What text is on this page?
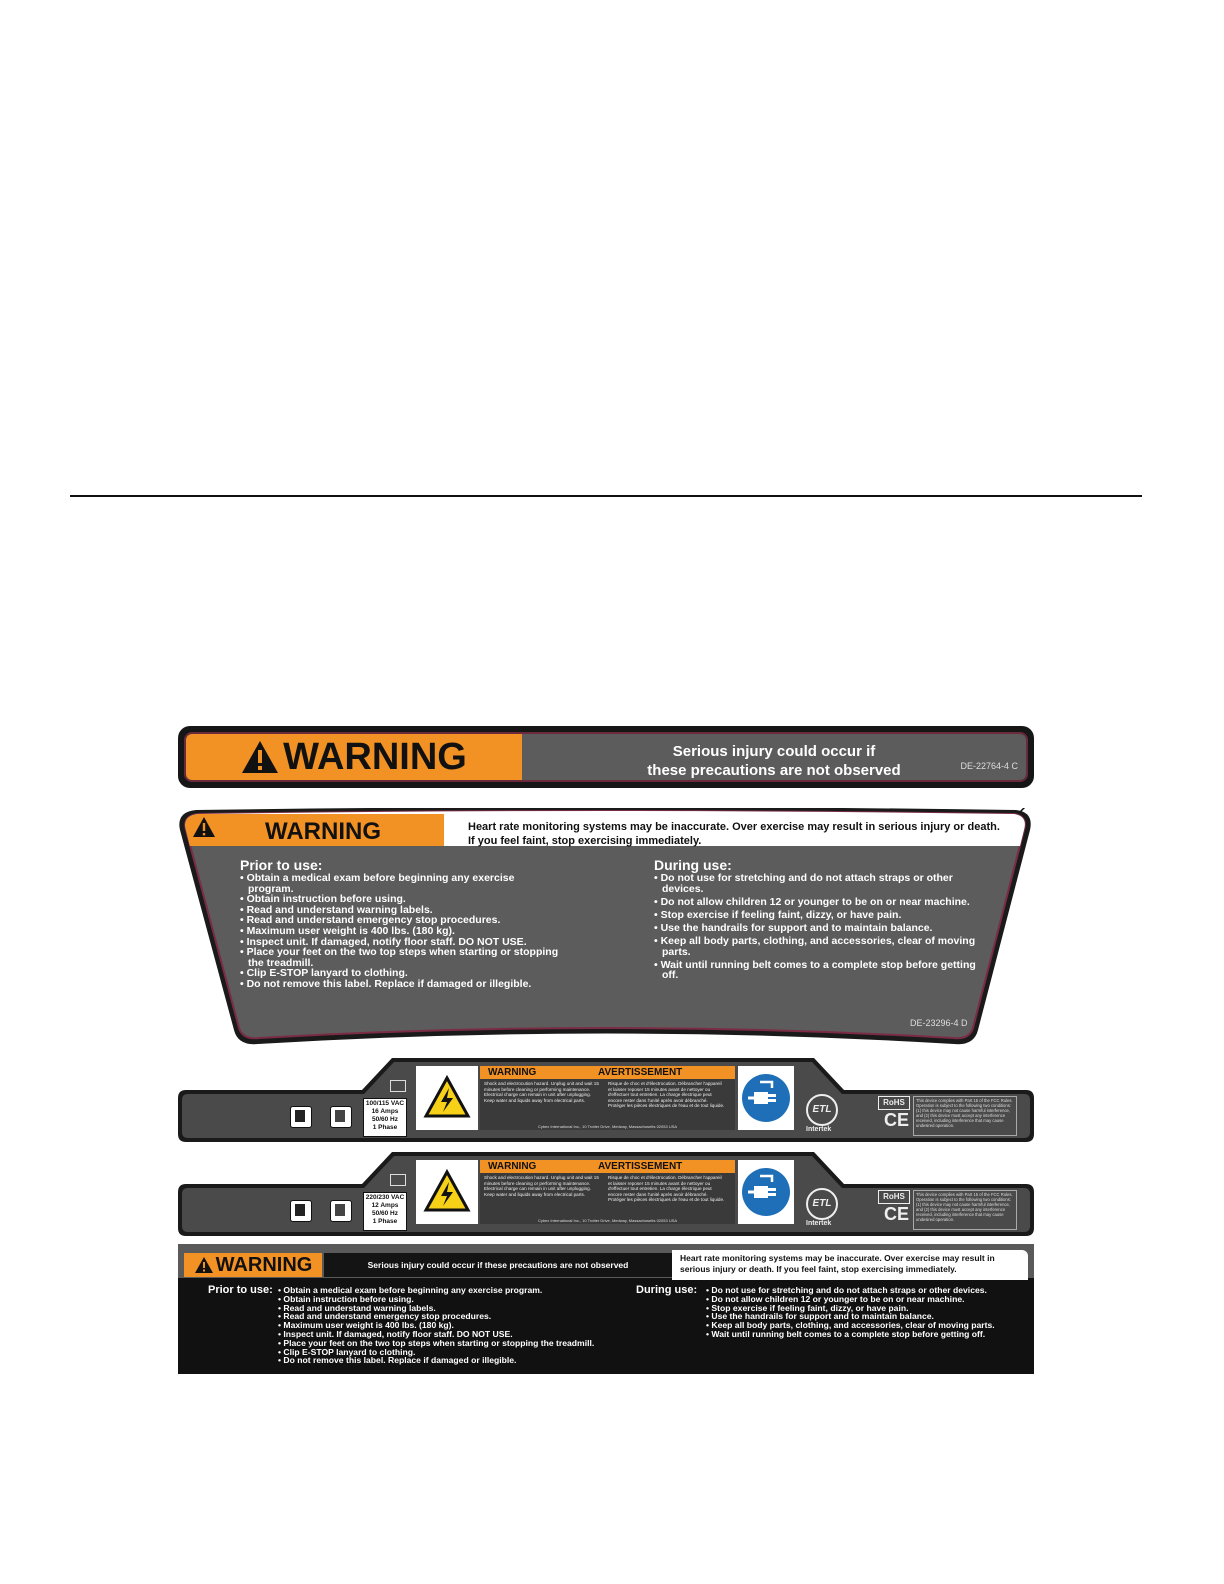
WARNING	Serious injury could occur if
these precautions are not observed	DE-22764-4 C
WARNING	Heart rate monitoring systems may be inaccurate. Over exercise may result in serious injury or death.
If you feel faint, stop exercising immediately.
Prior to use:
• Obtain a medical exam before beginning any exercise program.
• Obtain instruction before using.
• Read and understand warning labels.
• Read and understand emergency stop procedures.
• Maximum user weight is 400 lbs. (180 kg).
• Inspect unit. If damaged, notify floor staff. DO NOT USE.
• Place your feet on the two top steps when starting or stopping the treadmill.
• Clip E-STOP lanyard to clothing.
• Do not remove this label. Replace if damaged or illegible.
During use:
• Do not use for stretching and do not attach straps or other devices.
• Do not allow children 12 or younger to be on or near machine.
• Stop exercise if feeling faint, dizzy, or have pain.
• Use the handrails for support and to maintain balance.
• Keep all body parts, clothing, and accessories, clear of moving parts.
• Wait until running belt comes to a complete stop before getting off.
DE-23296-4 D
100/115 VAC
16 Amps
50/60 Hz
1 Phase
WARNING	AVERTISSEMENT
Shock and electrocution hazard. Unplug unit and wait 15 minutes before cleaning or performing maintenance. Electrical charge can remain in unit after unplugging. Keep water and liquids away from electrical parts.
Risque de choc et d'électrocution. Débrancher l'appareil et laisser reposer 15 minutes avant de nettoyer ou d'effectuer tout entretien. La charge électrique peut encore rester dans l'unité après avoir débranché. Protéger les pièces électriques de l'eau et de tout liquide.
Cybex International Inc., 10 Trotter Drive, Medway, Massachusetts 02053 USA
ETL
Intertek
RoHS
CE
This device complies with Part 15 of the FCC Rules. Operation is subject to the following two conditions: (1) this device may not cause harmful interference, and (2) this device must accept any interference received, including interference that may cause undesired operation.
220/230 VAC
12 Amps
50/60 Hz
1 Phase
WARNING	AVERTISSEMENT
Shock and electrocution hazard. Unplug unit and wait 15 minutes before cleaning or performing maintenance. Electrical charge can remain in unit after unplugging. Keep water and liquids away from electrical parts.
Risque de choc et d'électrocution. Débrancher l'appareil et laisser reposer 15 minutes avant de nettoyer ou d'effectuer tout entretien. La charge électrique peut encore rester dans l'unité après avoir débranché. Protéger les pièces électriques de l'eau et de tout liquide.
Cybex International Inc., 10 Trotter Drive, Medway, Massachusetts 02053 USA
ETL
Intertek
RoHS
CE
This device complies with Part 15 of the FCC Rules. Operation is subject to the following two conditions: (1) this device may not cause harmful interference, and (2) this device must accept any interference received, including interference that may cause undesired operation.
WARNING	Serious injury could occur if these precautions are not observed
Heart rate monitoring systems may be inaccurate. Over exercise may result in
serious injury or death. If you feel faint, stop exercising immediately.
Prior to use:	• Obtain a medical exam before beginning any exercise program.
• Obtain instruction before using.
• Read and understand warning labels.
• Read and understand emergency stop procedures.
• Maximum user weight is 400 lbs. (180 kg).
• Inspect unit. If damaged, notify floor staff. DO NOT USE.
• Place your feet on the two top steps when starting or stopping the treadmill.
• Clip E-STOP lanyard to clothing.
• Do not remove this label. Replace if damaged or illegible.
During use:	• Do not use for stretching and do not attach straps or other devices.
• Do not allow children 12 or younger to be on or near machine.
• Stop exercise if feeling faint, dizzy, or have pain.
• Use the handrails for support and to maintain balance.
• Keep all body parts, clothing, and accessories, clear of moving parts.
• Wait until running belt comes to a complete stop before getting off.
